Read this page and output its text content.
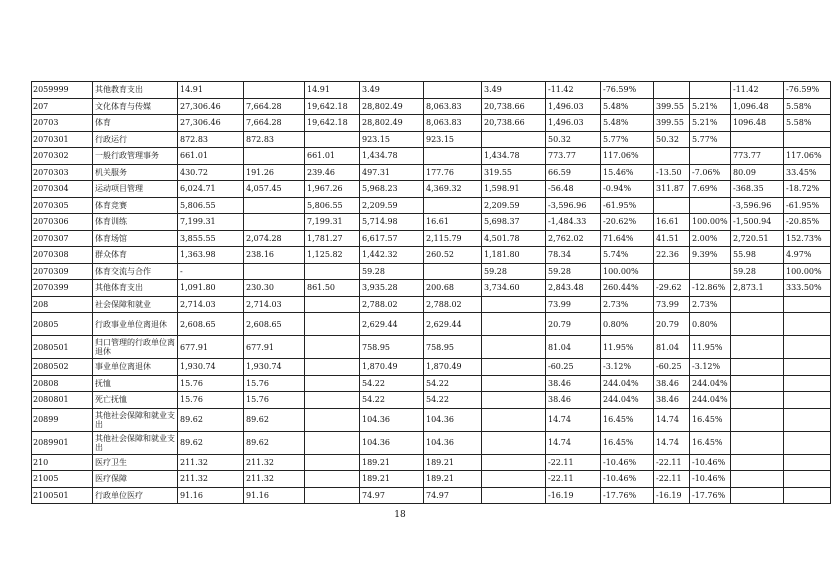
2059999	其他教育支出	14.91		14.91	3.49		3.49	-11.42	-76.59%			-11.42	-76.59%
207	文化体育与传媒	27,306.46	7,664.28	19,642.18	28,802.49	8,063.83	20,738.66	1,496.03	5.48%	399.55	5.21%	1,096.48	5.58%
20703	体育	27,306.46	7,664.28	19,642.18	28,802.49	8,063.83	20,738.66	1,496.03	5.48%	399.55	5.21%	1096.48	5.58%
2070301	行政运行	872.83	872.83		923.15	923.15		50.32	5.77%	50.32	5.77%		
2070302	一般行政管理事务	661.01		661.01	1,434.78		1,434.78	773.77	117.06%			773.77	117.06%
2070303	机关服务	430.72	191.26	239.46	497.31	177.76	319.55	66.59	15.46%	-13.50	-7.06%	80.09	33.45%
2070304	运动项目管理	6,024.71	4,057.45	1,967.26	5,968.23	4,369.32	1,598.91	-56.48	-0.94%	311.87	7.69%	-368.35	-18.72%
2070305	体育竞赛	5,806.55		5,806.55	2,209.59		2,209.59	-3,596.96	-61.95%			-3,596.96	-61.95%
2070306	体育训练	7,199.31		7,199.31	5,714.98	16.61	5,698.37	-1,484.33	-20.62%	16.61	100.00%	-1,500.94	-20.85%
2070307	体育场馆	3,855.55	2,074.28	1,781.27	6,617.57	2,115.79	4,501.78	2,762.02	71.64%	41.51	2.00%	2,720.51	152.73%
2070308	群众体育	1,363.98	238.16	1,125.82	1,442.32	260.52	1,181.80	78.34	5.74%	22.36	9.39%	55.98	4.97%
2070309	体育交流与合作	-			59.28		59.28	59.28	100.00%			59.28	100.00%
2070399	其他体育支出	1,091.80	230.30	861.50	3,935.28	200.68	3,734.60	2,843.48	260.44%	-29.62	-12.86%	2,873.1	333.50%
208	社会保障和就业	2,714.03	2,714.03		2,788.02	2,788.02		73.99	2.73%	73.99	2.73%		
20805	行政事业单位离退休	2,608.65	2,608.65		2,629.44	2,629.44		20.79	0.80%	20.79	0.80%		
2080501	归口管理的行政单位离退休	677.91	677.91		758.95	758.95		81.04	11.95%	81.04	11.95%		
2080502	事业单位离退休	1,930.74	1,930.74		1,870.49	1,870.49		-60.25	-3.12%	-60.25	-3.12%		
20808	抚恤	15.76	15.76		54.22	54.22		38.46	244.04%	38.46	244.04%		
2080801	死亡抚恤	15.76	15.76		54.22	54.22		38.46	244.04%	38.46	244.04%		
20899	其他社会保障和就业支出	89.62	89.62		104.36	104.36		14.74	16.45%	14.74	16.45%		
2089901	其他社会保障和就业支出	89.62	89.62		104.36	104.36		14.74	16.45%	14.74	16.45%		
210	医疗卫生	211.32	211.32		189.21	189.21		-22.11	-10.46%	-22.11	-10.46%		
21005	医疗保障	211.32	211.32		189.21	189.21		-22.11	-10.46%	-22.11	-10.46%		
2100501	行政单位医疗	91.16	91.16		74.97	74.97		-16.19	-17.76%	-16.19	-17.76%		
18
